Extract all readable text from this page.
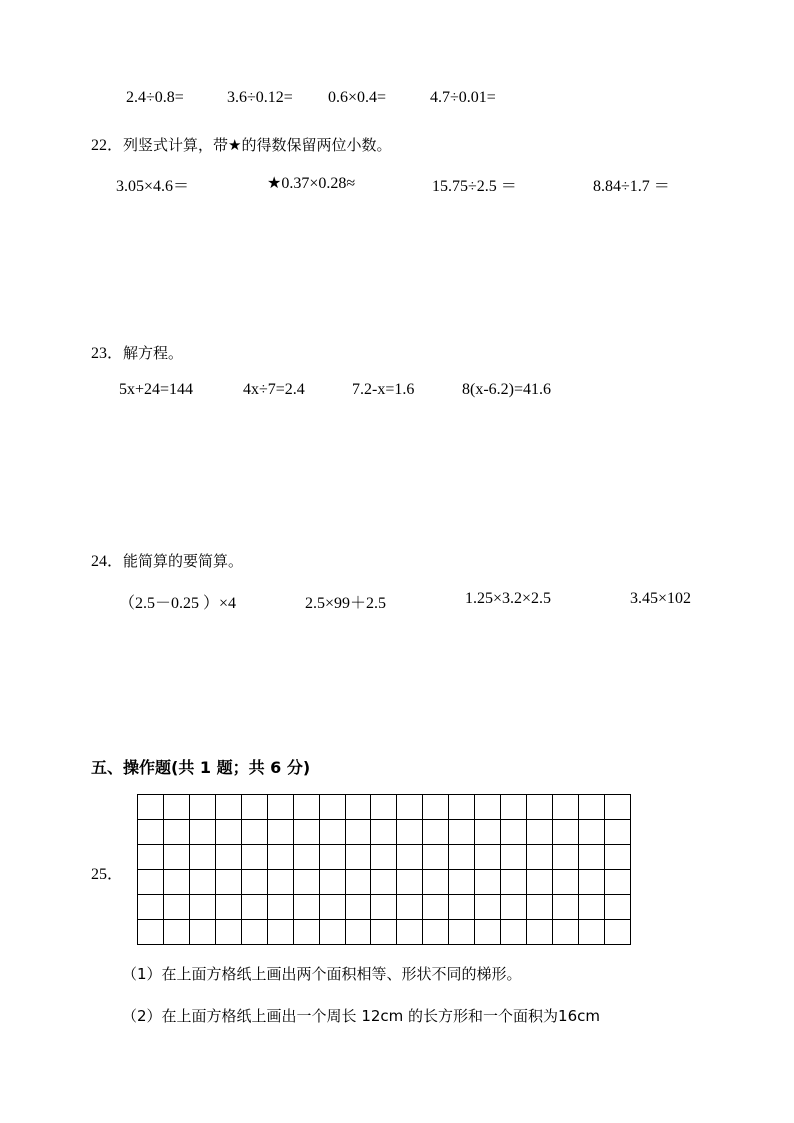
2.4÷0.8=	3.6÷0.12= 0.6×0.4=	4.7÷0.01=
22．列竖式计算，带★的得数保留两位小数。
3.05×4.6＝	★0.37×0.28≈	15.75÷2.5 ＝	8.84÷1.7 ＝
23．解方程。
5x+24=144	4x÷7=2.4	7.2-x=1.6	8(x-6.2)=41.6
24．能简算的要简算。
（2.5－0.25 ）×4	2.5×99＋2.5	1.25×3.2×2.5	3.45×102
五、操作题(共 1 题；共 6 分)
25．

（1）在上面方格纸上画出两个面积相等、形状不同的梯形。
（2）在上面方格纸上画出一个周长 12cm 的长方形和一个面积为16cm
